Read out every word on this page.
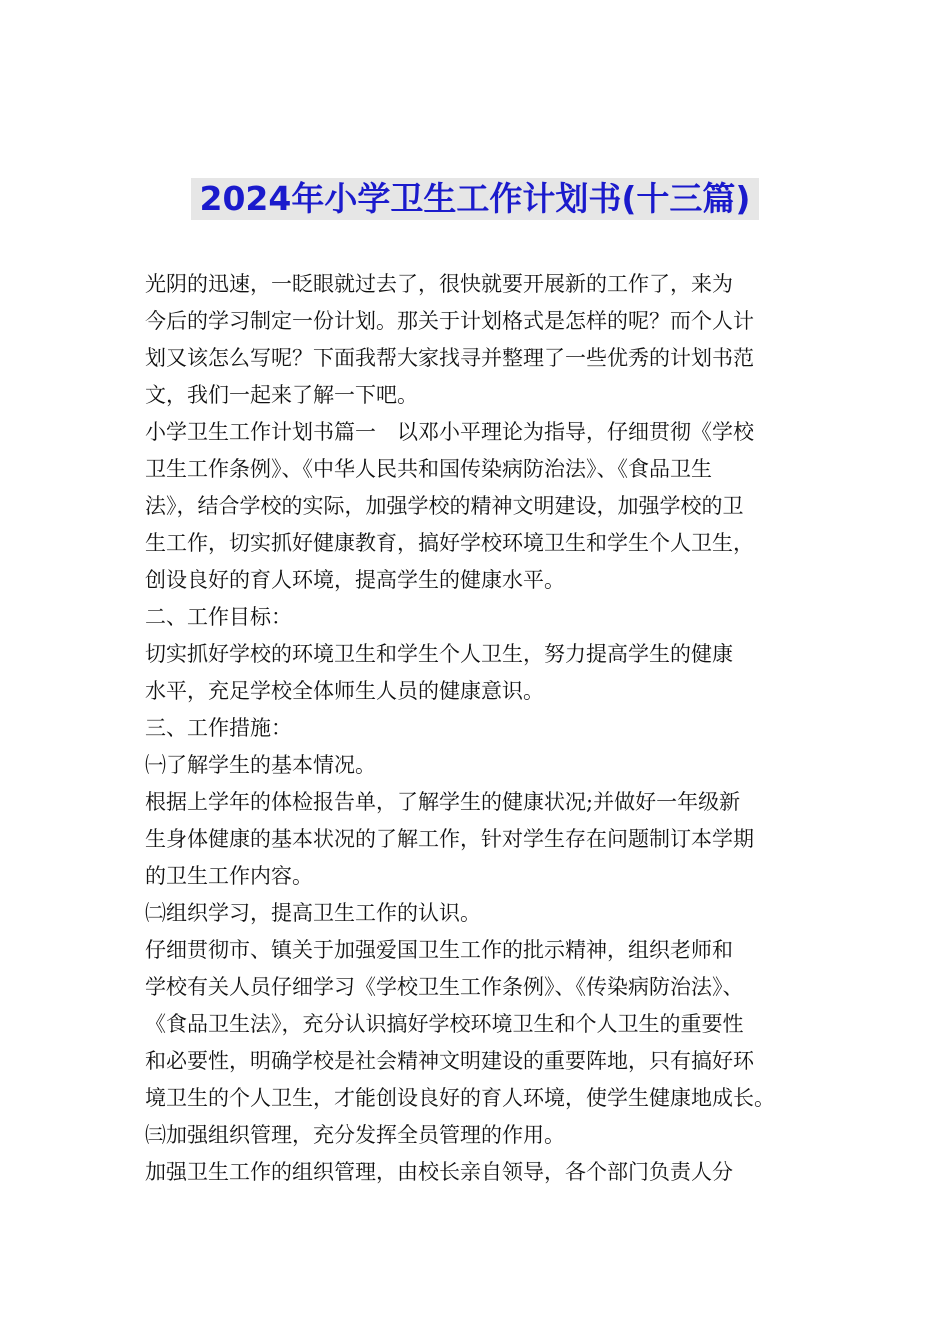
2024年小学卫生工作计划书(十三篇)
光阴的迅速，一眨眼就过去了，很快就要开展新的工作了，来为
今后的学习制定一份计划。那关于计划格式是怎样的呢？而个人计
划又该怎么写呢？下面我帮大家找寻并整理了一些优秀的计划书范
文，我们一起来了解一下吧。
小学卫生工作计划书篇一　以邓小平理论为指导，仔细贯彻《学校
卫生工作条例》、《中华人民共和国传染病防治法》、《食品卫生
法》，结合学校的实际，加强学校的精神文明建设，加强学校的卫
生工作，切实抓好健康教育，搞好学校环境卫生和学生个人卫生，
创设良好的育人环境，提高学生的健康水平。
二、工作目标：
切实抓好学校的环境卫生和学生个人卫生，努力提高学生的健康
水平，充足学校全体师生人员的健康意识。
三、工作措施：
㈠了解学生的基本情况。
根据上学年的体检报告单，了解学生的健康状况;并做好一年级新
生身体健康的基本状况的了解工作，针对学生存在问题制订本学期
的卫生工作内容。
㈡组织学习，提高卫生工作的认识。
仔细贯彻市、镇关于加强爱国卫生工作的批示精神，组织老师和
学校有关人员仔细学习《学校卫生工作条例》、《传染病防治法》、
《食品卫生法》，充分认识搞好学校环境卫生和个人卫生的重要性
和必要性，明确学校是社会精神文明建设的重要阵地，只有搞好环
境卫生的个人卫生，才能创设良好的育人环境，使学生健康地成长。
㈢加强组织管理，充分发挥全员管理的作用。
加强卫生工作的组织管理，由校长亲自领导，各个部门负责人分
